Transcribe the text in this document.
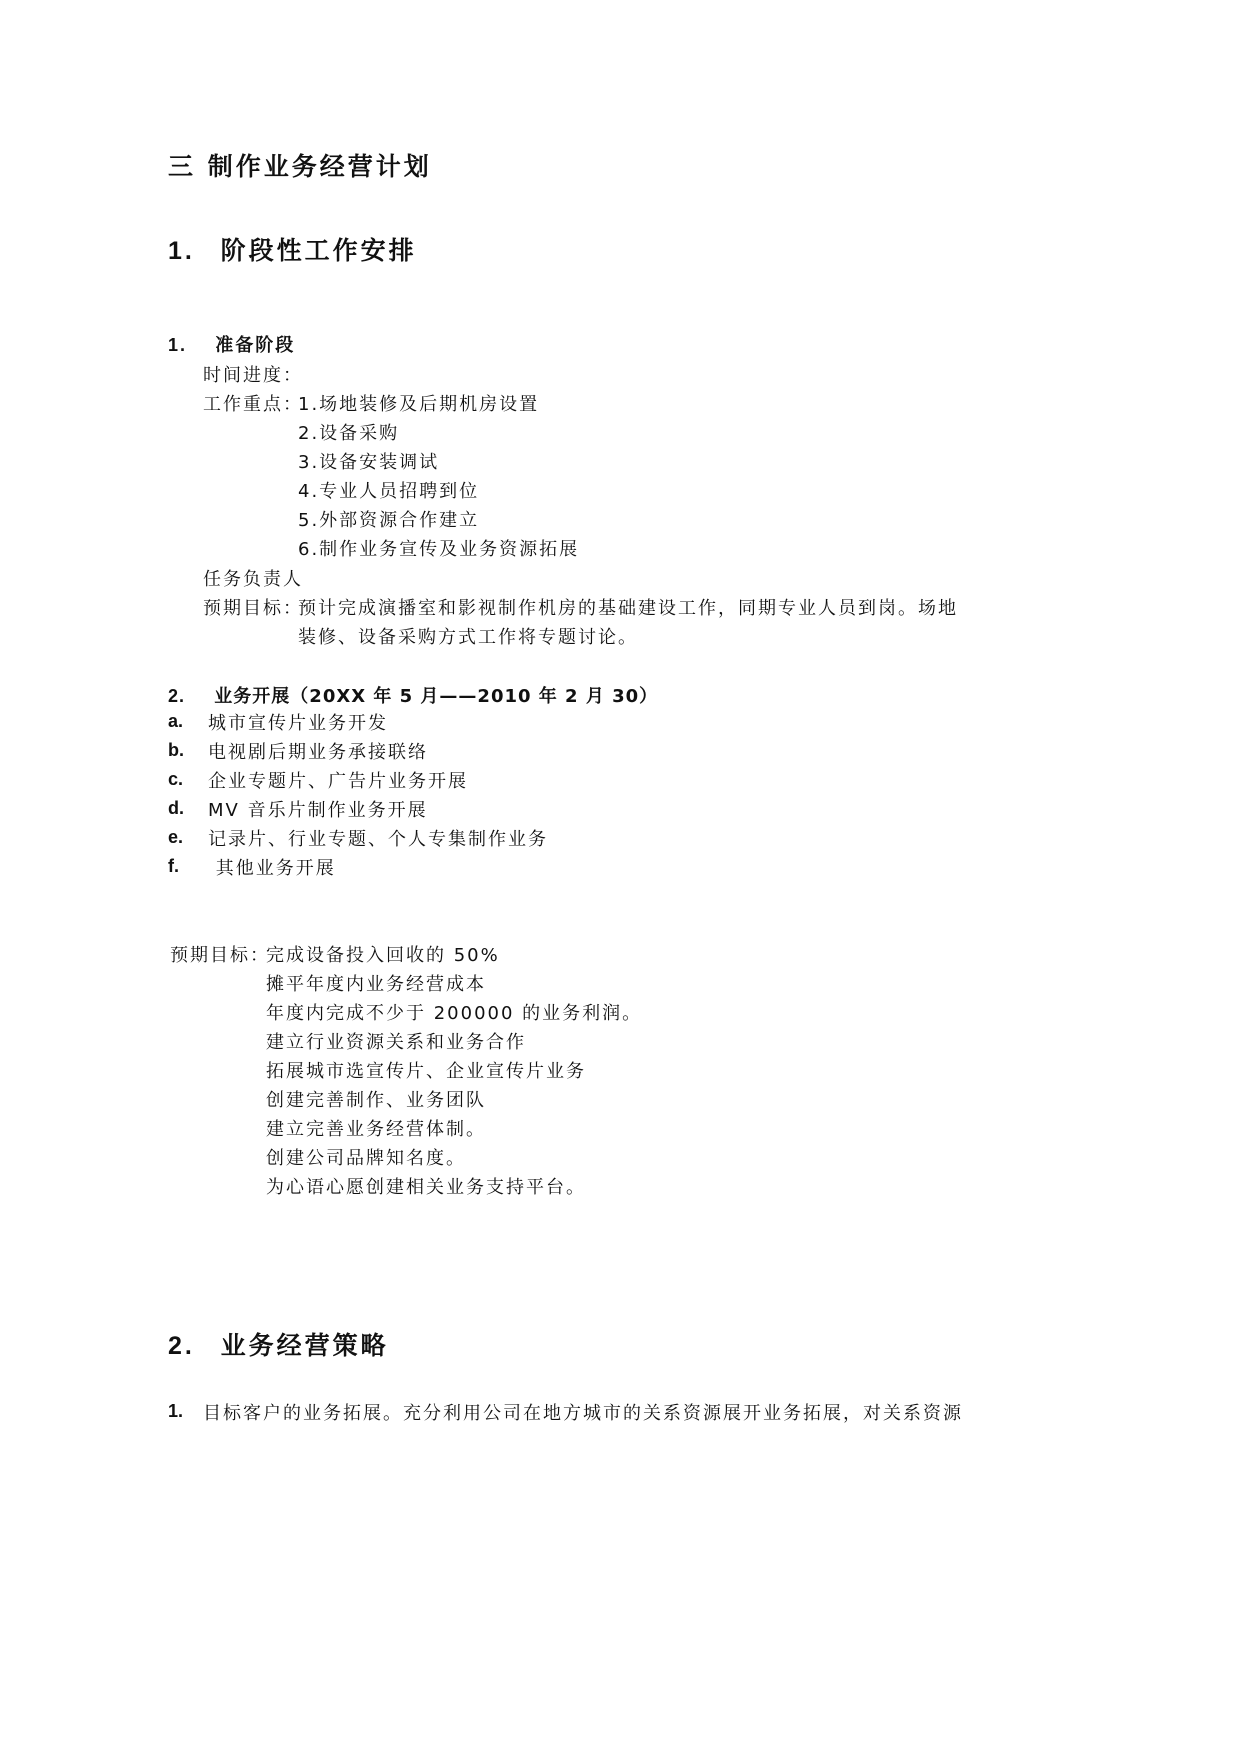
三 制作业务经营计划
1. 阶段性工作安排
1. 准备阶段
时间进度：
工作重点：
1.场地装修及后期机房设置
2.设备采购
3.设备安装调试
4.专业人员招聘到位
5.外部资源合作建立
6.制作业务宣传及业务资源拓展
任务负责人
预期目标：
预计完成演播室和影视制作机房的基础建设工作，同期专业人员到岗。场地
装修、设备采购方式工作将专题讨论。
2. 业务开展（20XX 年 5 月——2010 年 2 月 30）
a. 城市宣传片业务开发
b. 电视剧后期业务承接联络
c. 企业专题片、广告片业务开展
d. MV 音乐片制作业务开展
e. 记录片、行业专题、个人专集制作业务
f. 其他业务开展
预期目标：
完成设备投入回收的 50%
摊平年度内业务经营成本
年度内完成不少于 200000 的业务利润。
建立行业资源关系和业务合作
拓展城市选宣传片、企业宣传片业务
创建完善制作、业务团队
建立完善业务经营体制。
创建公司品牌知名度。
为心语心愿创建相关业务支持平台。
2. 业务经营策略
1. 目标客户的业务拓展。充分利用公司在地方城市的关系资源展开业务拓展，对关系资源
